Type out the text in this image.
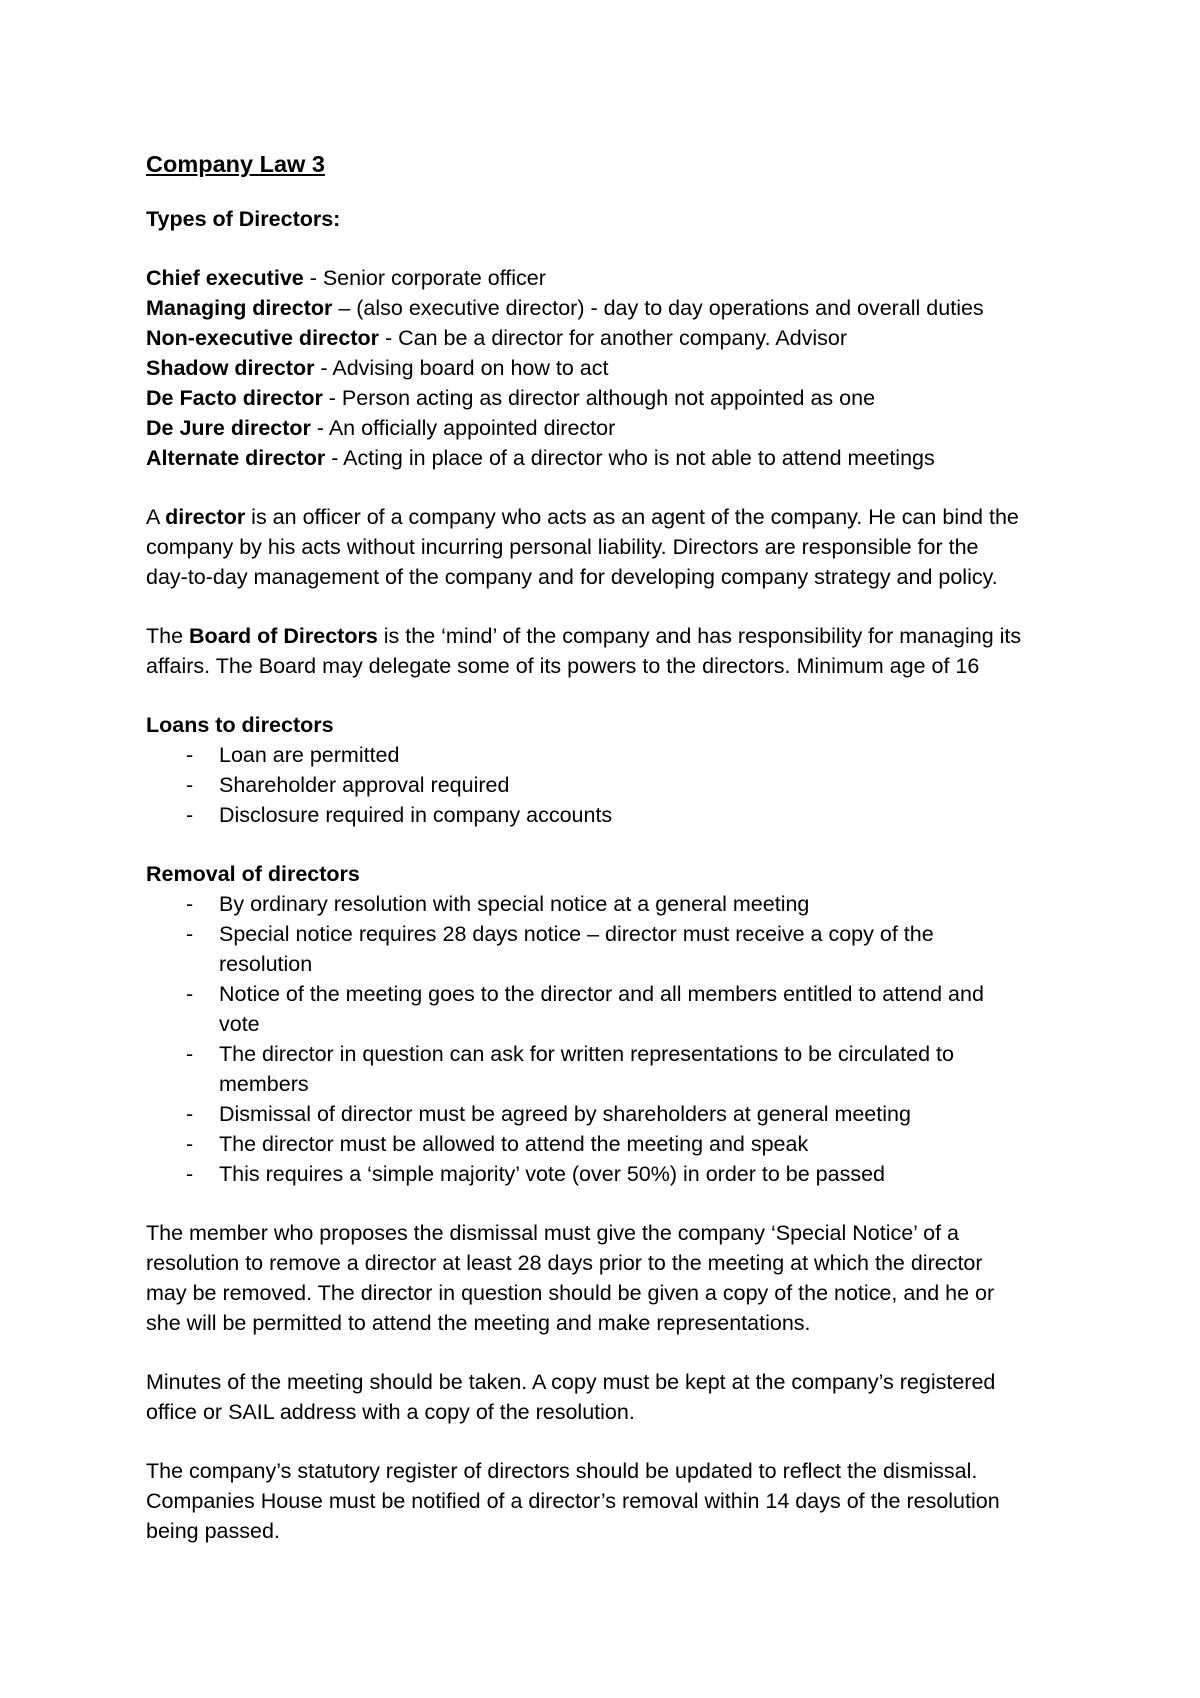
Company Law 3
Types of Directors:
Chief executive - Senior corporate officer
Managing director – (also executive director) - day to day operations and overall duties
Non-executive director - Can be a director for another company. Advisor
Shadow director - Advising board on how to act
De Facto director - Person acting as director although not appointed as one
De Jure director - An officially appointed director
Alternate director - Acting in place of a director who is not able to attend meetings
A director is an officer of a company who acts as an agent of the company. He can bind the
company by his acts without incurring personal liability. Directors are responsible for the
day-to-day management of the company and for developing company strategy and policy.
The Board of Directors is the ‘mind’ of the company and has responsibility for managing its
affairs. The Board may delegate some of its powers to the directors. Minimum age of 16
Loans to directors
- Loan are permitted
- Shareholder approval required
- Disclosure required in company accounts
Removal of directors
- By ordinary resolution with special notice at a general meeting
- Special notice requires 28 days notice – director must receive a copy of the
resolution
- Notice of the meeting goes to the director and all members entitled to attend and
vote
- The director in question can ask for written representations to be circulated to
members
- Dismissal of director must be agreed by shareholders at general meeting
- The director must be allowed to attend the meeting and speak
- This requires a ‘simple majority’ vote (over 50%) in order to be passed
The member who proposes the dismissal must give the company ‘Special Notice’ of a
resolution to remove a director at least 28 days prior to the meeting at which the director
may be removed. The director in question should be given a copy of the notice, and he or
she will be permitted to attend the meeting and make representations.
Minutes of the meeting should be taken. A copy must be kept at the company’s registered
office or SAIL address with a copy of the resolution.
The company’s statutory register of directors should be updated to reflect the dismissal.
Companies House must be notified of a director’s removal within 14 days of the resolution
being passed.
